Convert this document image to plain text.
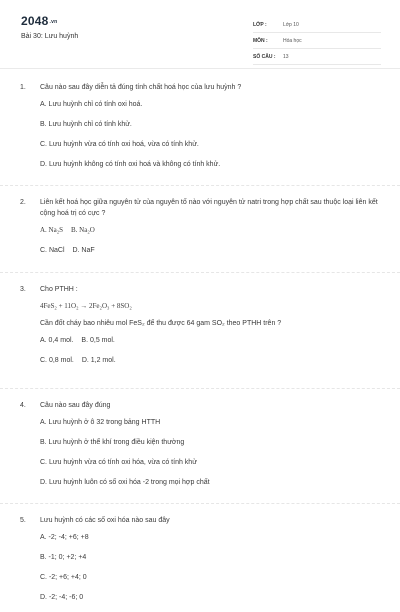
2048.vn
Bài 30: Lưu huỳnh
LỚP :	Lớp 10
MÔN :	Hóa học
SỐ CÂU :	13
1. Câu nào sau đây diễn tả đúng tính chất hoá học của lưu huỳnh ?
A. Lưu huỳnh chỉ có tính oxi hoá.
B. Lưu huỳnh chỉ có tính khử.
C. Lưu huỳnh vừa có tính oxi hoá, vừa có tính khử.
D. Lưu huỳnh không có tính oxi hoá và không có tính khử.
2. Liên kết hoá học giữa nguyên tử của nguyên tố nào với nguyên tử natri trong hợp chất sau thuộc loại liên kết cộng hoá trị có cực ?
A. Na₂S B. Na₂O
C. NaCl D. NaF
3. Cho PTHH :
4FeS₂ + 11O₂ → 2Fe₂O₃ + 8SO₂
Cần đốt cháy bao nhiêu mol FeS₂ để thu được 64 gam SO₂ theo PTHH trên ?
A. 0,4 mol. B. 0,5 mol.
C. 0,8 mol. D. 1,2 mol.
4. Câu nào sau đây đúng
A. Lưu huỳnh ở ô 32 trong bảng HTTH
B. Lưu huỳnh ở thể khí trong điều kiện thường
C. Lưu huỳnh vừa có tính oxi hóa, vừa có tính khử
D. Lưu huỳnh luôn có số oxi hóa -2 trong mọi hợp chất
5. Lưu huỳnh có các số oxi hóa nào sau đây
A. -2; -4; +6; +8
B. -1; 0; +2; +4
C. -2; +6; +4; 0
D. -2; -4; -6; 0
